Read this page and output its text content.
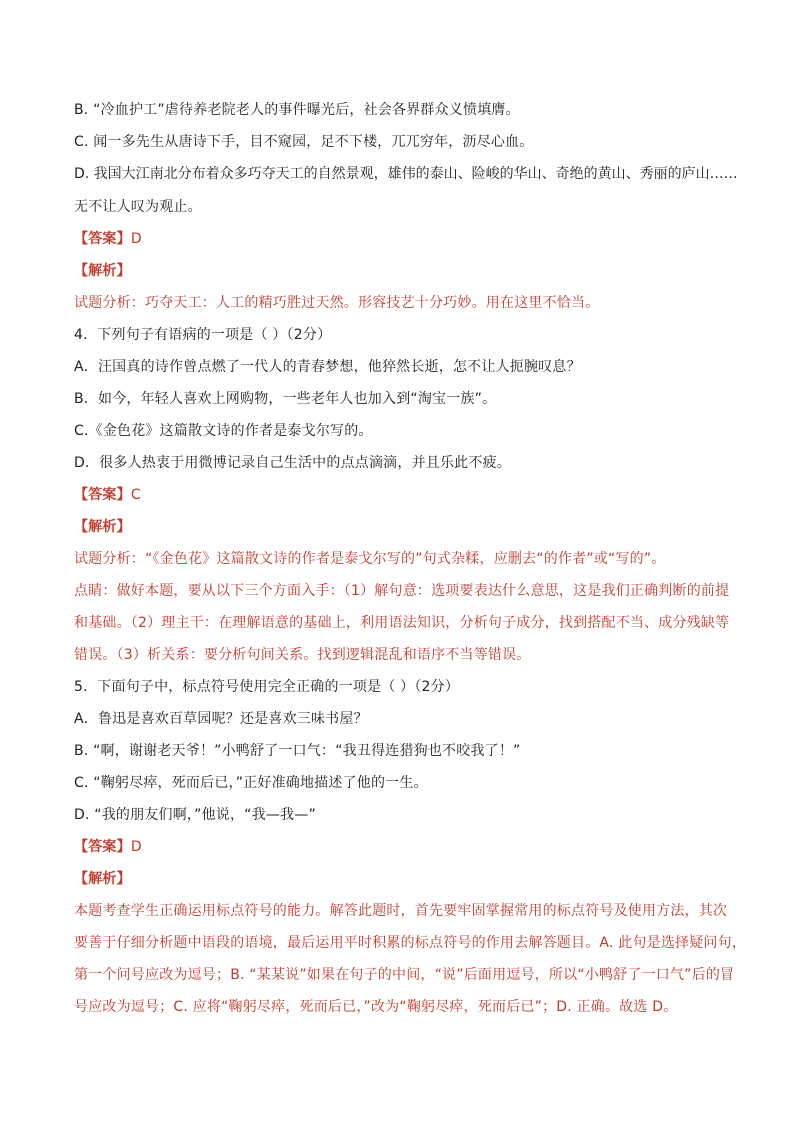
B. “冷血护工”虐待养老院老人的事件曝光后，社会各界群众义愤填膺。
C. 闻一多先生从唐诗下手，目不窥园，足不下楼，兀兀穷年，沥尽心血。
D. 我国大江南北分布着众多巧夺天工的自然景观，雄伟的泰山、险峻的华山、奇绝的黄山、秀丽的庐山……
无不让人叹为观止。
【答案】D
【解析】
试题分析：巧夺天工：人工的精巧胜过天然。形容技艺十分巧妙。用在这里不恰当。
4．下列句子有语病的一项是（ ）（2分）
A．汪国真的诗作曾点燃了一代人的青春梦想，他猝然长逝，怎不让人扼腕叹息？
B．如今，年轻人喜欢上网购物，一些老年人也加入到“淘宝一族”。
C.《金色花》这篇散文诗的作者是泰戈尔写的。
D．很多人热衷于用微博记录自己生活中的点点滴滴，并且乐此不疲。
【答案】C
【解析】
试题分析：“《金色花》这篇散文诗的作者是泰戈尔写的”句式杂糅，应删去“的作者”或“写的”。
点睛：做好本题，要从以下三个方面入手：（1）解句意：选项要表达什么意思，这是我们正确判断的前提
和基础。（2）理主干：在理解语意的基础上，利用语法知识，分析句子成分，找到搭配不当、成分残缺等
错误。（3）析关系：要分析句间关系。找到逻辑混乱和语序不当等错误。
5．下面句子中，标点符号使用完全正确的一项是（ ）（2分）
A．鲁迅是喜欢百草园呢？还是喜欢三味书屋？
B. “啊，谢谢老天爷！”小鸭舒了一口气：“我丑得连猎狗也不咬我了！”
C. “鞠躬尽瘁，死而后已，”正好准确地描述了他的一生。
D. “我的朋友们啊，”他说，“我—我—”
【答案】D
【解析】
本题考查学生正确运用标点符号的能力。解答此题时，首先要牢固掌握常用的标点符号及使用方法，其次
要善于仔细分析题中语段的语境，最后运用平时积累的标点符号的作用去解答题目。A. 此句是选择疑问句，
第一个问号应改为逗号；B. “某某说”如果在句子的中间，“说”后面用逗号，所以“小鸭舒了一口气”后的冒
号应改为逗号；C. 应将“鞠躬尽瘁，死而后已，”改为“鞠躬尽瘁，死而后已”；D. 正确。故选 D。
